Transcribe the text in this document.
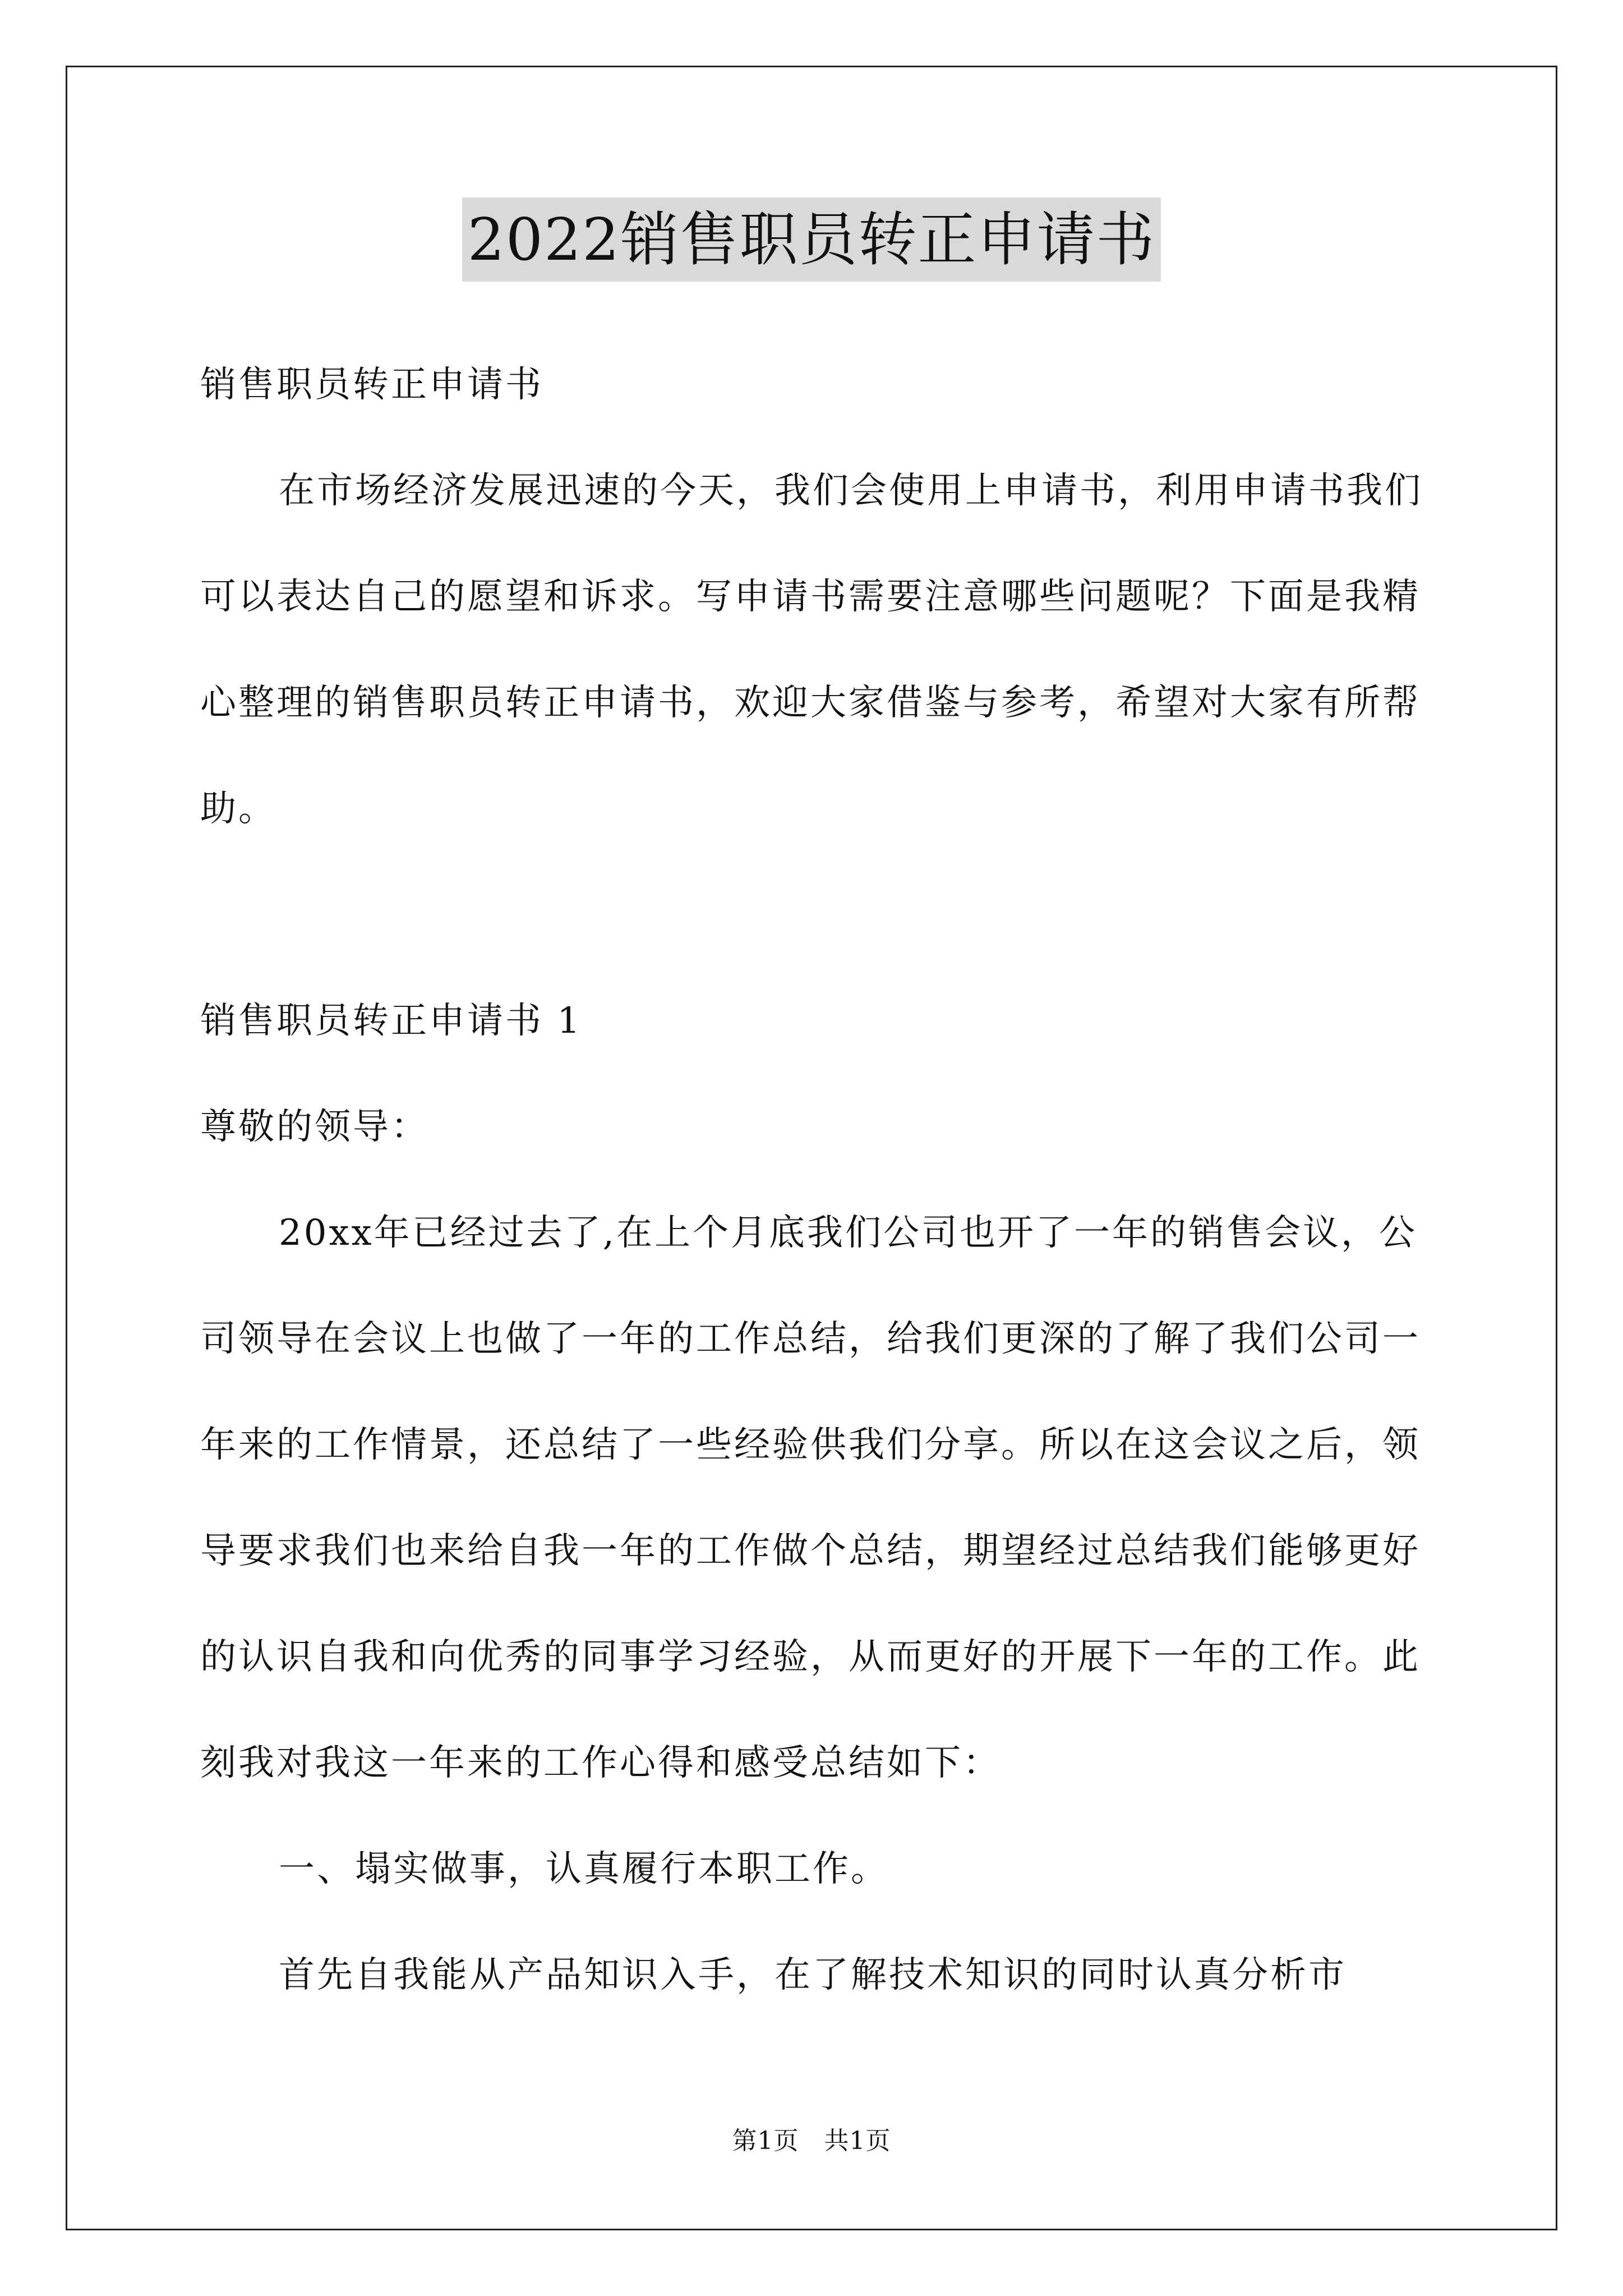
2022销售职员转正申请书

销售职员转正申请书

在市场经济发展迅速的今天，我们会使用上申请书，利用申请书我们可以表达自己的愿望和诉求。写申请书需要注意哪些问题呢？下面是我精心整理的销售职员转正申请书，欢迎大家借鉴与参考，希望对大家有所帮助。

销售职员转正申请书 1

尊敬的领导：

20xx年已经过去了,在上个月底我们公司也开了一年的销售会议，公司领导在会议上也做了一年的工作总结，给我们更深的了解了我们公司一年来的工作情景，还总结了一些经验供我们分享。所以在这会议之后，领导要求我们也来给自我一年的工作做个总结，期望经过总结我们能够更好的认识自我和向优秀的同事学习经验，从而更好的开展下一年的工作。此刻我对我这一年来的工作心得和感受总结如下：

一、塌实做事，认真履行本职工作。

首先自我能从产品知识入手，在了解技术知识的同时认真分析市

第1页　共1页
